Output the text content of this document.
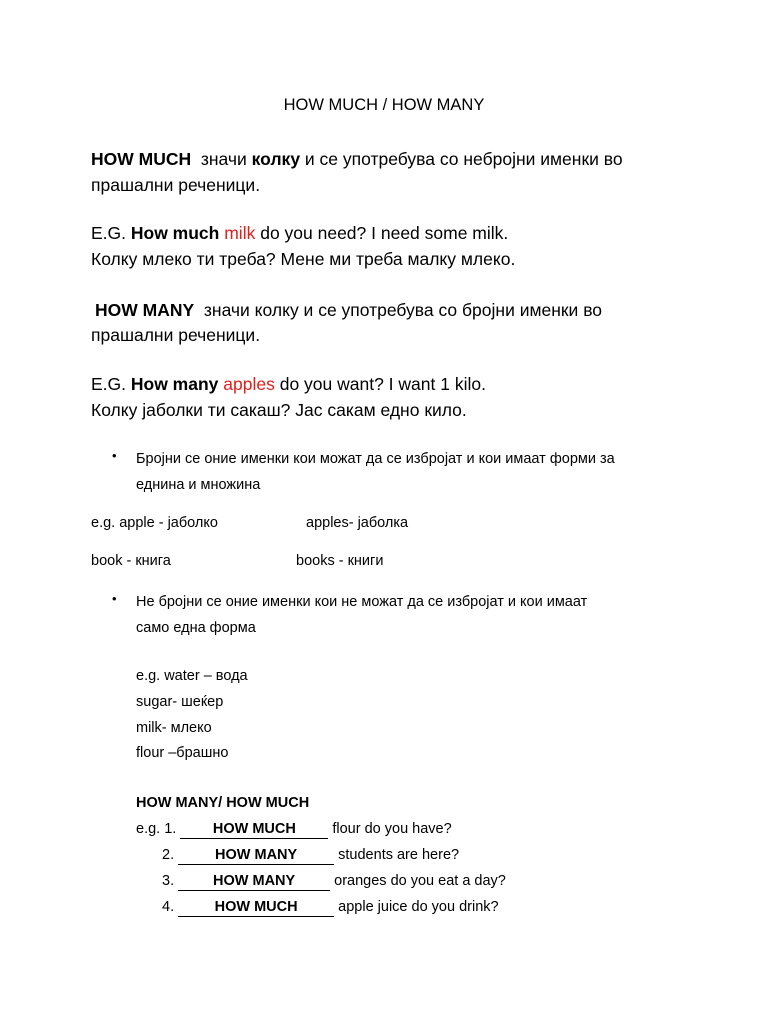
HOW MUCH / HOW MANY
HOW MUCH значи колку и се употребува со небројни именки во
прашални реченици.
E.G. How much milk do you need? I need some milk.
Колку млеко ти треба? Мене ми треба малку млеко.
HOW MANY значи колку и се употребува со бројни именки во
прашални реченици.
E.G. How many apples do you want? I want 1 kilo.
Колку јаболки ти сакаш? Јас сакам едно кило.
• Бројни се оние именки кои можат да се избројат и кои имаат форми за
еднина и множина
e.g. apple - јаболко	apples- јаболка
book - книга	books - книги
• Не бројни се оние именки кои не можат да се избројат и кои имаат
само една форма
e.g. water – вода
sugar- шеќер
milk- млеко
flour –брашно
HOW MANY/ HOW MUCH
e.g. 1. HOW MUCH flour do you have?
2.	HOW MANY	students are here?
3. HOW MANY oranges do you eat a day?
4.	HOW MUCH	apple juice do you drink?
